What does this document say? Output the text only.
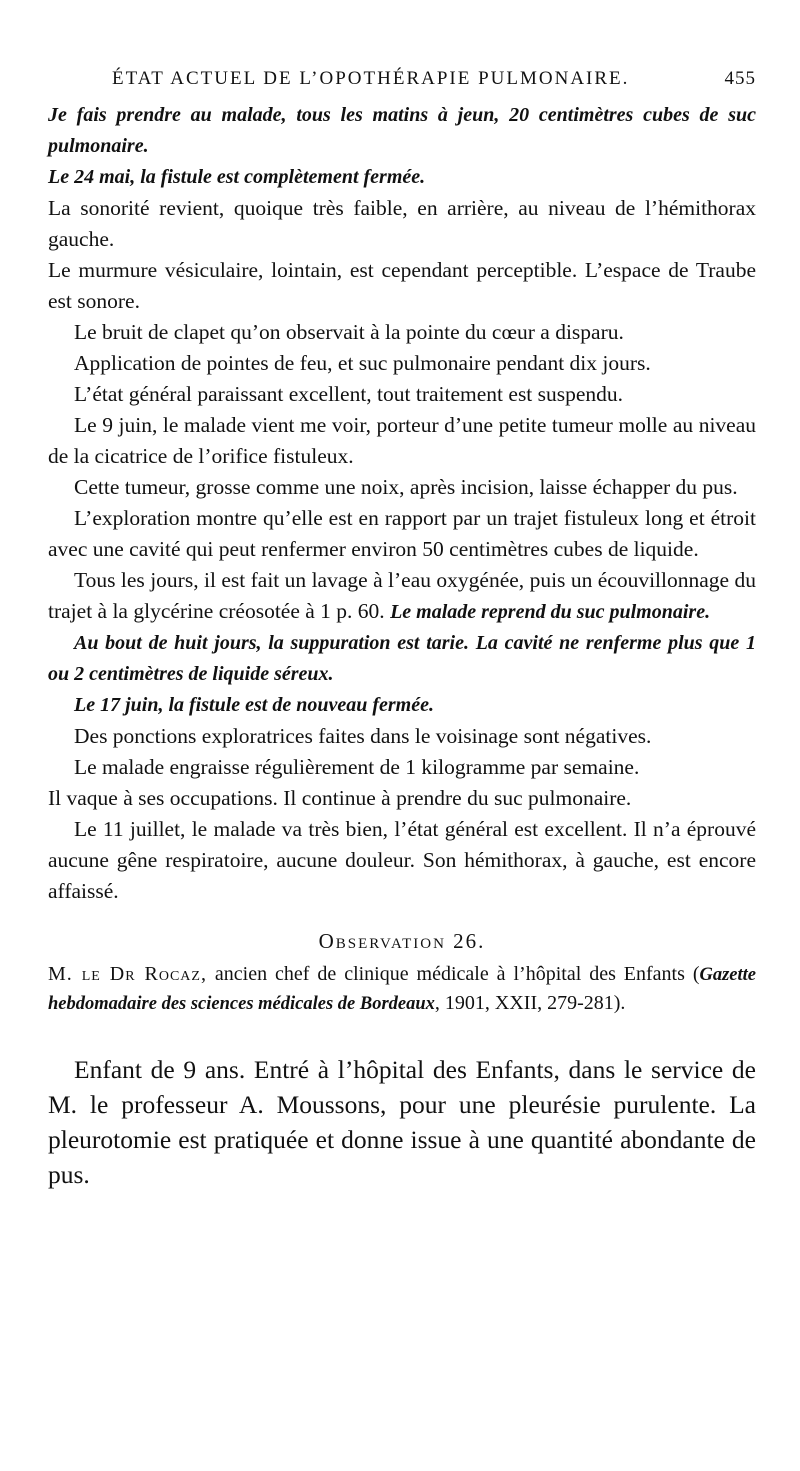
ÉTAT ACTUEL DE L’OPOTHÉRAPIE PULMONAIRE.	455

Je fais prendre au malade, tous les matins à jeun, 20 centimètres cubes de suc pulmonaire.

Le 24 mai, la fistule est complètement fermée.

La sonorité revient, quoique très faible, en arrière, au niveau de l’hémithorax gauche.

Le murmure vésiculaire, lointain, est cependant perceptible. L’espace de Traube est sonore.

Le bruit de clapet qu’on observait à la pointe du cœur a disparu.

Application de pointes de feu, et suc pulmonaire pendant dix jours.

L’état général paraissant excellent, tout traitement est suspendu.

Le 9 juin, le malade vient me voir, porteur d’une petite tumeur molle au niveau de la cicatrice de l’orifice fistuleux.

Cette tumeur, grosse comme une noix, après incision, laisse échapper du pus.

L’exploration montre qu’elle est en rapport par un trajet fistuleux long et étroit avec une cavité qui peut renfermer environ 50 centimètres cubes de liquide.

Tous les jours, il est fait un lavage à l’eau oxygénée, puis un écouvillonnage du trajet à la glycérine créosotée à 1 p. 60. Le malade reprend du suc pulmonaire.

Au bout de huit jours, la suppuration est tarie. La cavité ne renferme plus que 1 ou 2 centimètres de liquide séreux.

Le 17 juin, la fistule est de nouveau fermée.

Des ponctions exploratrices faites dans le voisinage sont négatives.

Le malade engraisse régulièrement de 1 kilogramme par semaine.

Il vaque à ses occupations. Il continue à prendre du suc pulmonaire.

Le 11 juillet, le malade va très bien, l’état général est excellent. Il n’a éprouvé aucune gêne respiratoire, aucune douleur. Son hémithorax, à gauche, est encore affaissé.

Observation 26.

M. le Dr Rocaz, ancien chef de clinique médicale à l’hôpital des Enfants (Gazette hebdomadaire des sciences médicales de Bordeaux, 1901, XXII, 279-281).

Enfant de 9 ans. Entré à l’hôpital des Enfants, dans le service de M. le professeur A. Moussons, pour une pleurésie purulente. La pleurotomie est pratiquée et donne issue à une quantité abondante de pus.
